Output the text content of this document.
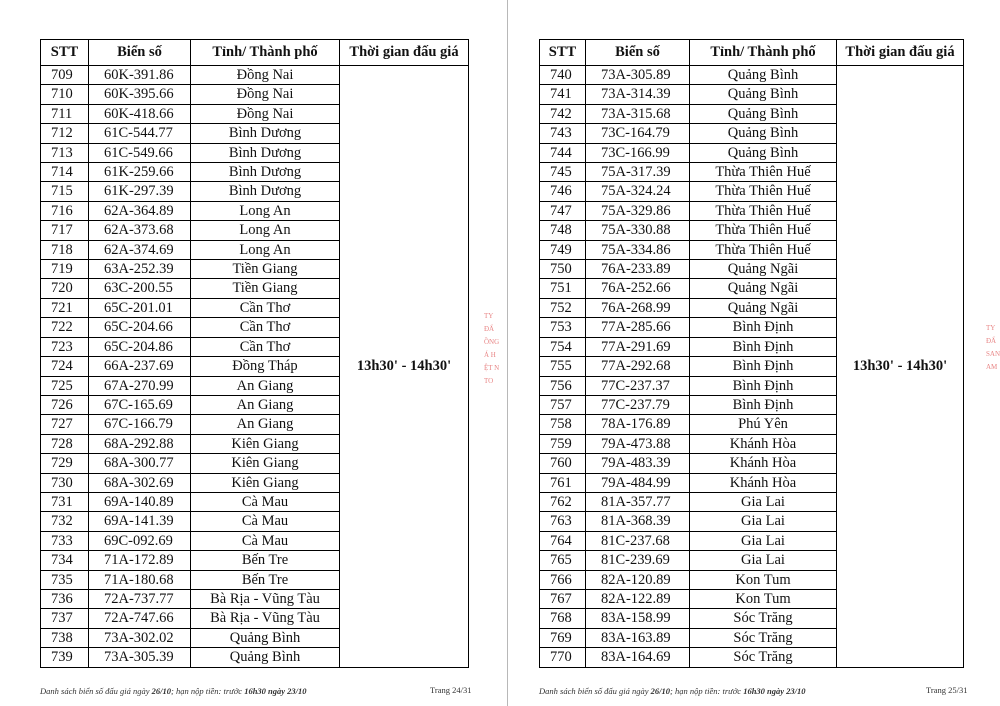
STT	Biển số	Tỉnh/ Thành phố	Thời gian đấu giá
709	60K-391.86	Đồng Nai	13h30' - 14h30'
710	60K-395.66	Đồng Nai	
711	60K-418.66	Đồng Nai	
712	61C-544.77	Bình Dương	
713	61C-549.66	Bình Dương	
714	61K-259.66	Bình Dương	
715	61K-297.39	Bình Dương	
716	62A-364.89	Long An	
717	62A-373.68	Long An	
718	62A-374.69	Long An	
719	63A-252.39	Tiền Giang	
720	63C-200.55	Tiền Giang	
721	65C-201.01	Cần Thơ	
722	65C-204.66	Cần Thơ	
723	65C-204.86	Cần Thơ	
724	66A-237.69	Đồng Tháp	
725	67A-270.99	An Giang	
726	67C-165.69	An Giang	
727	67C-166.79	An Giang	
728	68A-292.88	Kiên Giang	
729	68A-300.77	Kiên Giang	
730	68A-302.69	Kiên Giang	
731	69A-140.89	Cà Mau	
732	69A-141.39	Cà Mau	
733	69C-092.69	Cà Mau	
734	71A-172.89	Bến Tre	
735	71A-180.68	Bến Tre	
736	72A-737.77	Bà Rịa - Vũng Tàu	
737	72A-747.66	Bà Rịa - Vũng Tàu	
738	73A-302.02	Quảng Bình	
739	73A-305.39	Quảng Bình	
Danh sách biển số đấu giá ngày 26/10; hạn nộp tiền: trước 16h30 ngày 23/10	Trang 24/31
TY
ĐẤ
ỒNG
Á H
ỆT N
TO
STT	Biển số	Tỉnh/ Thành phố	Thời gian đấu giá
740	73A-305.89	Quảng Bình	13h30' - 14h30'
741	73A-314.39	Quảng Bình	
742	73A-315.68	Quảng Bình	
743	73C-164.79	Quảng Bình	
744	73C-166.99	Quảng Bình	
745	75A-317.39	Thừa Thiên Huế	
746	75A-324.24	Thừa Thiên Huế	
747	75A-329.86	Thừa Thiên Huế	
748	75A-330.88	Thừa Thiên Huế	
749	75A-334.86	Thừa Thiên Huế	
750	76A-233.89	Quảng Ngãi	
751	76A-252.66	Quảng Ngãi	
752	76A-268.99	Quảng Ngãi	
753	77A-285.66	Bình Định	
754	77A-291.69	Bình Định	
755	77A-292.68	Bình Định	
756	77C-237.37	Bình Định	
757	77C-237.79	Bình Định	
758	78A-176.89	Phú Yên	
759	79A-473.88	Khánh Hòa	
760	79A-483.39	Khánh Hòa	
761	79A-484.99	Khánh Hòa	
762	81A-357.77	Gia Lai	
763	81A-368.39	Gia Lai	
764	81C-237.68	Gia Lai	
765	81C-239.69	Gia Lai	
766	82A-120.89	Kon Tum	
767	82A-122.89	Kon Tum	
768	83A-158.99	Sóc Trăng	
769	83A-163.89	Sóc Trăng	
770	83A-164.69	Sóc Trăng	
Danh sách biển số đấu giá ngày 26/10; hạn nộp tiền: trước 16h30 ngày 23/10	Trang 25/31
TY
ĐẤ
SAN
AM
